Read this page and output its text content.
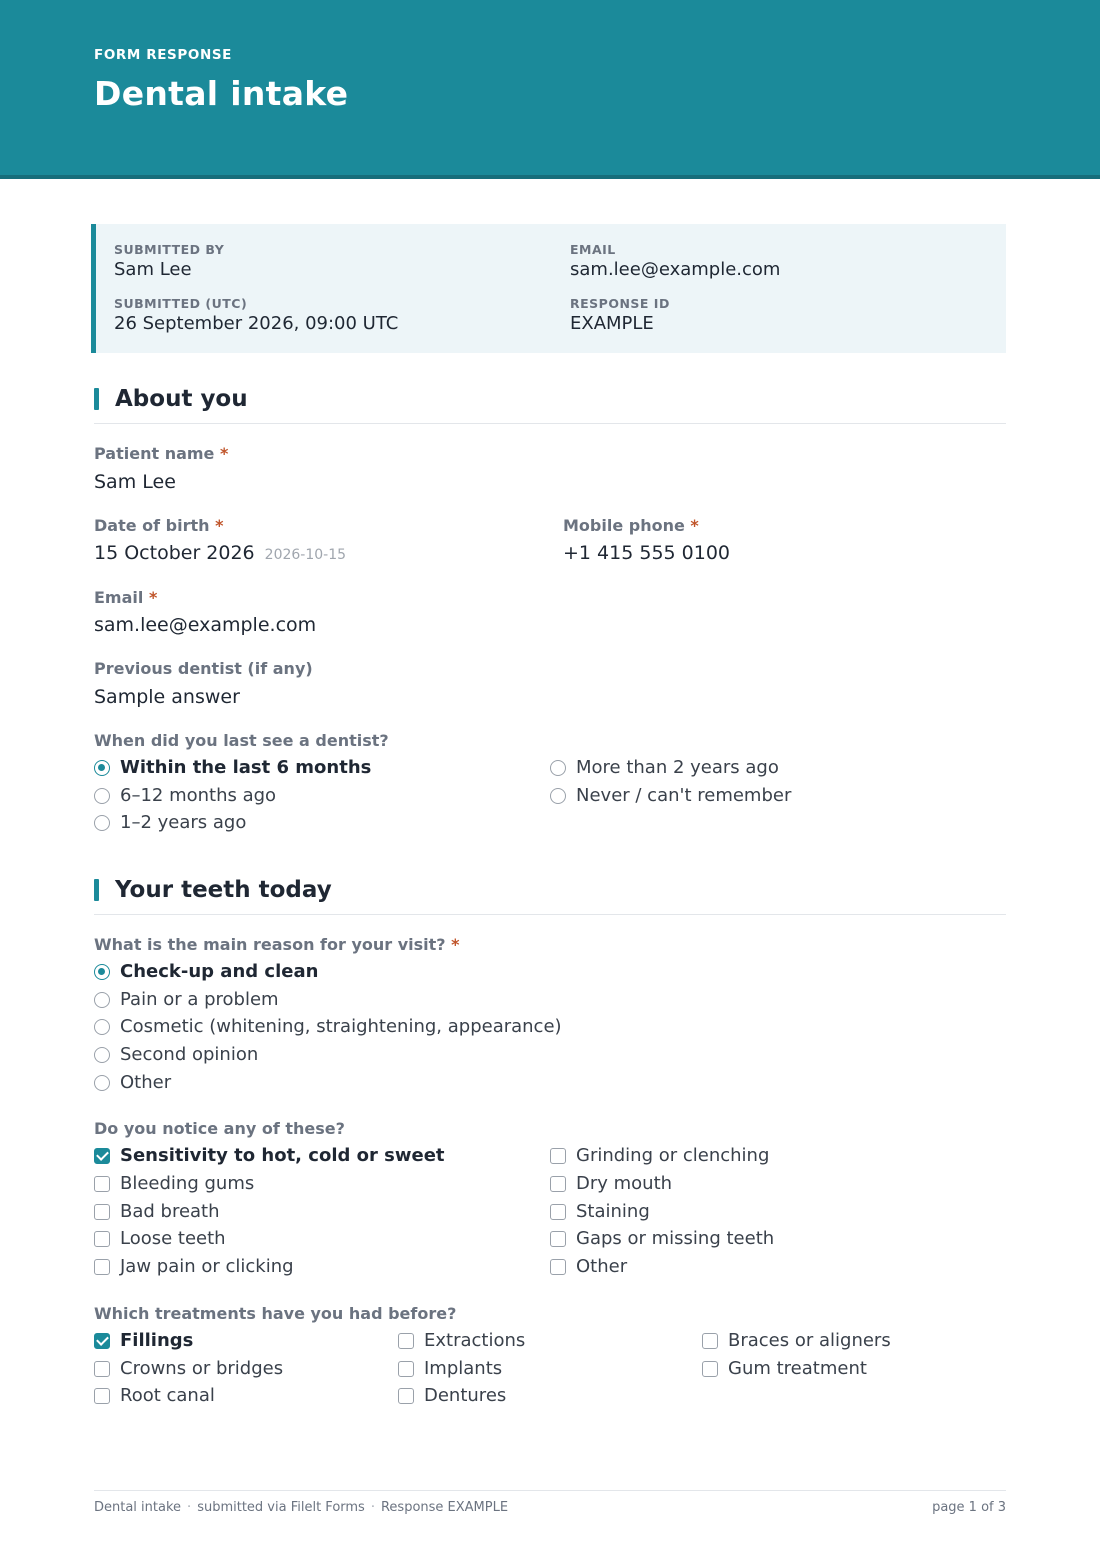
FORM RESPONSE
Dental intake
SUBMITTED BY
Sam Lee
EMAIL
sam.lee@example.com
SUBMITTED (UTC)
26 September 2026, 09:00 UTC
RESPONSE ID
EXAMPLE
About you
Patient name *
Sam Lee
Date of birth *
15 October 2026 2026-10-15
Mobile phone *
+1 415 555 0100
Email *
sam.lee@example.com
Previous dentist (if any)
Sample answer
When did you last see a dentist?
Within the last 6 months
6–12 months ago
1–2 years ago
More than 2 years ago
Never / can't remember
Your teeth today
What is the main reason for your visit? *
Check-up and clean
Pain or a problem
Cosmetic (whitening, straightening, appearance)
Second opinion
Other
Do you notice any of these?
Sensitivity to hot, cold or sweet
Bleeding gums
Bad breath
Loose teeth
Jaw pain or clicking
Grinding or clenching
Dry mouth
Staining
Gaps or missing teeth
Other
Which treatments have you had before?
Fillings
Crowns or bridges
Root canal
Extractions
Implants
Dentures
Braces or aligners
Gum treatment
Dental intake · submitted via Filelt Forms · Response EXAMPLE	page 1 of 3
